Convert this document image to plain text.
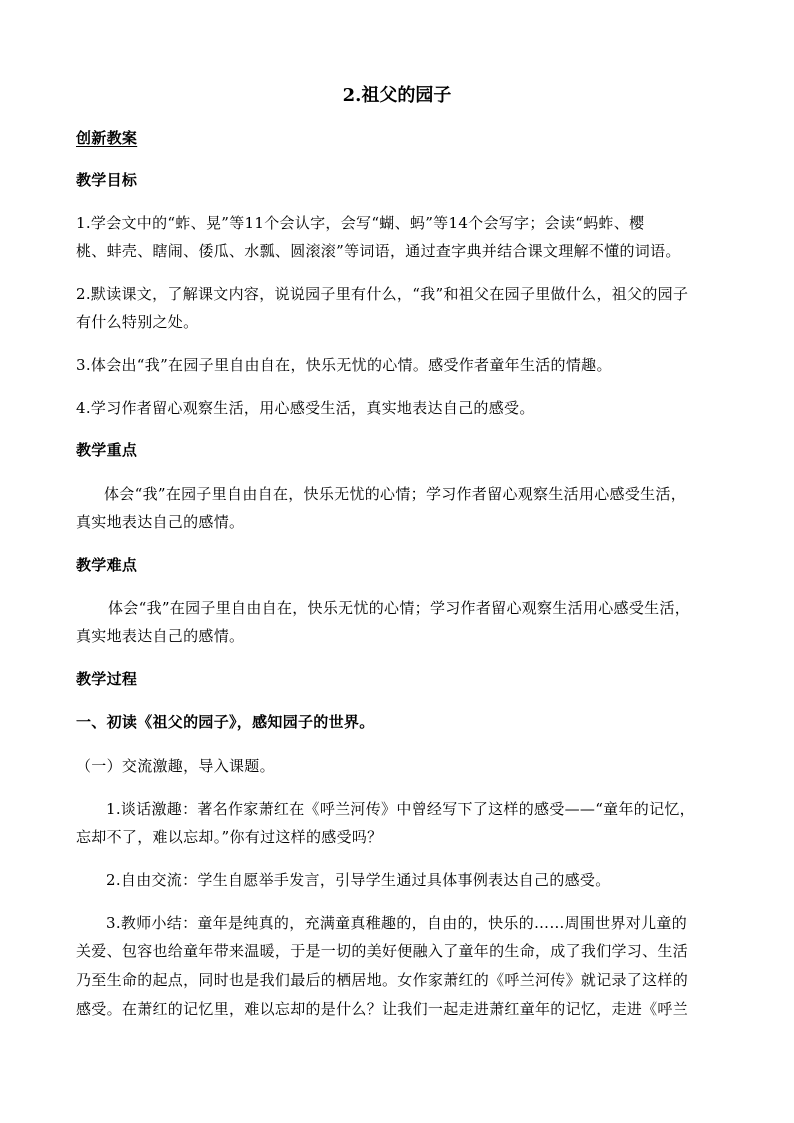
2.祖父的园子
创新教案
教学目标
1.学会文中的“蚱、晃”等11个会认字，会写“蝴、蚂”等14个会写字；会读“蚂蚱、樱
桃、蚌壳、瞎闹、倭瓜、水瓢、圆滚滚”等词语，通过查字典并结合课文理解不懂的词语。
2.默读课文，了解课文内容，说说园子里有什么，“我”和祖父在园子里做什么，祖父的园子
有什么特别之处。
3.体会出“我”在园子里自由自在，快乐无忧的心情。感受作者童年生活的情趣。
4.学习作者留心观察生活，用心感受生活，真实地表达自己的感受。
教学重点
体会“我”在园子里自由自在，快乐无忧的心情；学习作者留心观察生活用心感受生活，
真实地表达自己的感情。
教学难点
体会“我”在园子里自由自在，快乐无忧的心情；学习作者留心观察生活用心感受生活，
真实地表达自己的感情。
教学过程
一、初读《祖父的园子》，感知园子的世界。
（一）交流激趣，导入课题。
1.谈话激趣：著名作家萧红在《呼兰河传》中曾经写下了这样的感受——“童年的记忆，
忘却不了，难以忘却。”你有过这样的感受吗？
2.自由交流：学生自愿举手发言，引导学生通过具体事例表达自己的感受。
3.教师小结：童年是纯真的，充满童真稚趣的，自由的，快乐的……周围世界对儿童的
关爱、包容也给童年带来温暖，于是一切的美好便融入了童年的生命，成了我们学习、生活
乃至生命的起点，同时也是我们最后的栖居地。女作家萧红的《呼兰河传》就记录了这样的
感受。在萧红的记忆里，难以忘却的是什么？让我们一起走进萧红童年的记忆，走进《呼兰
